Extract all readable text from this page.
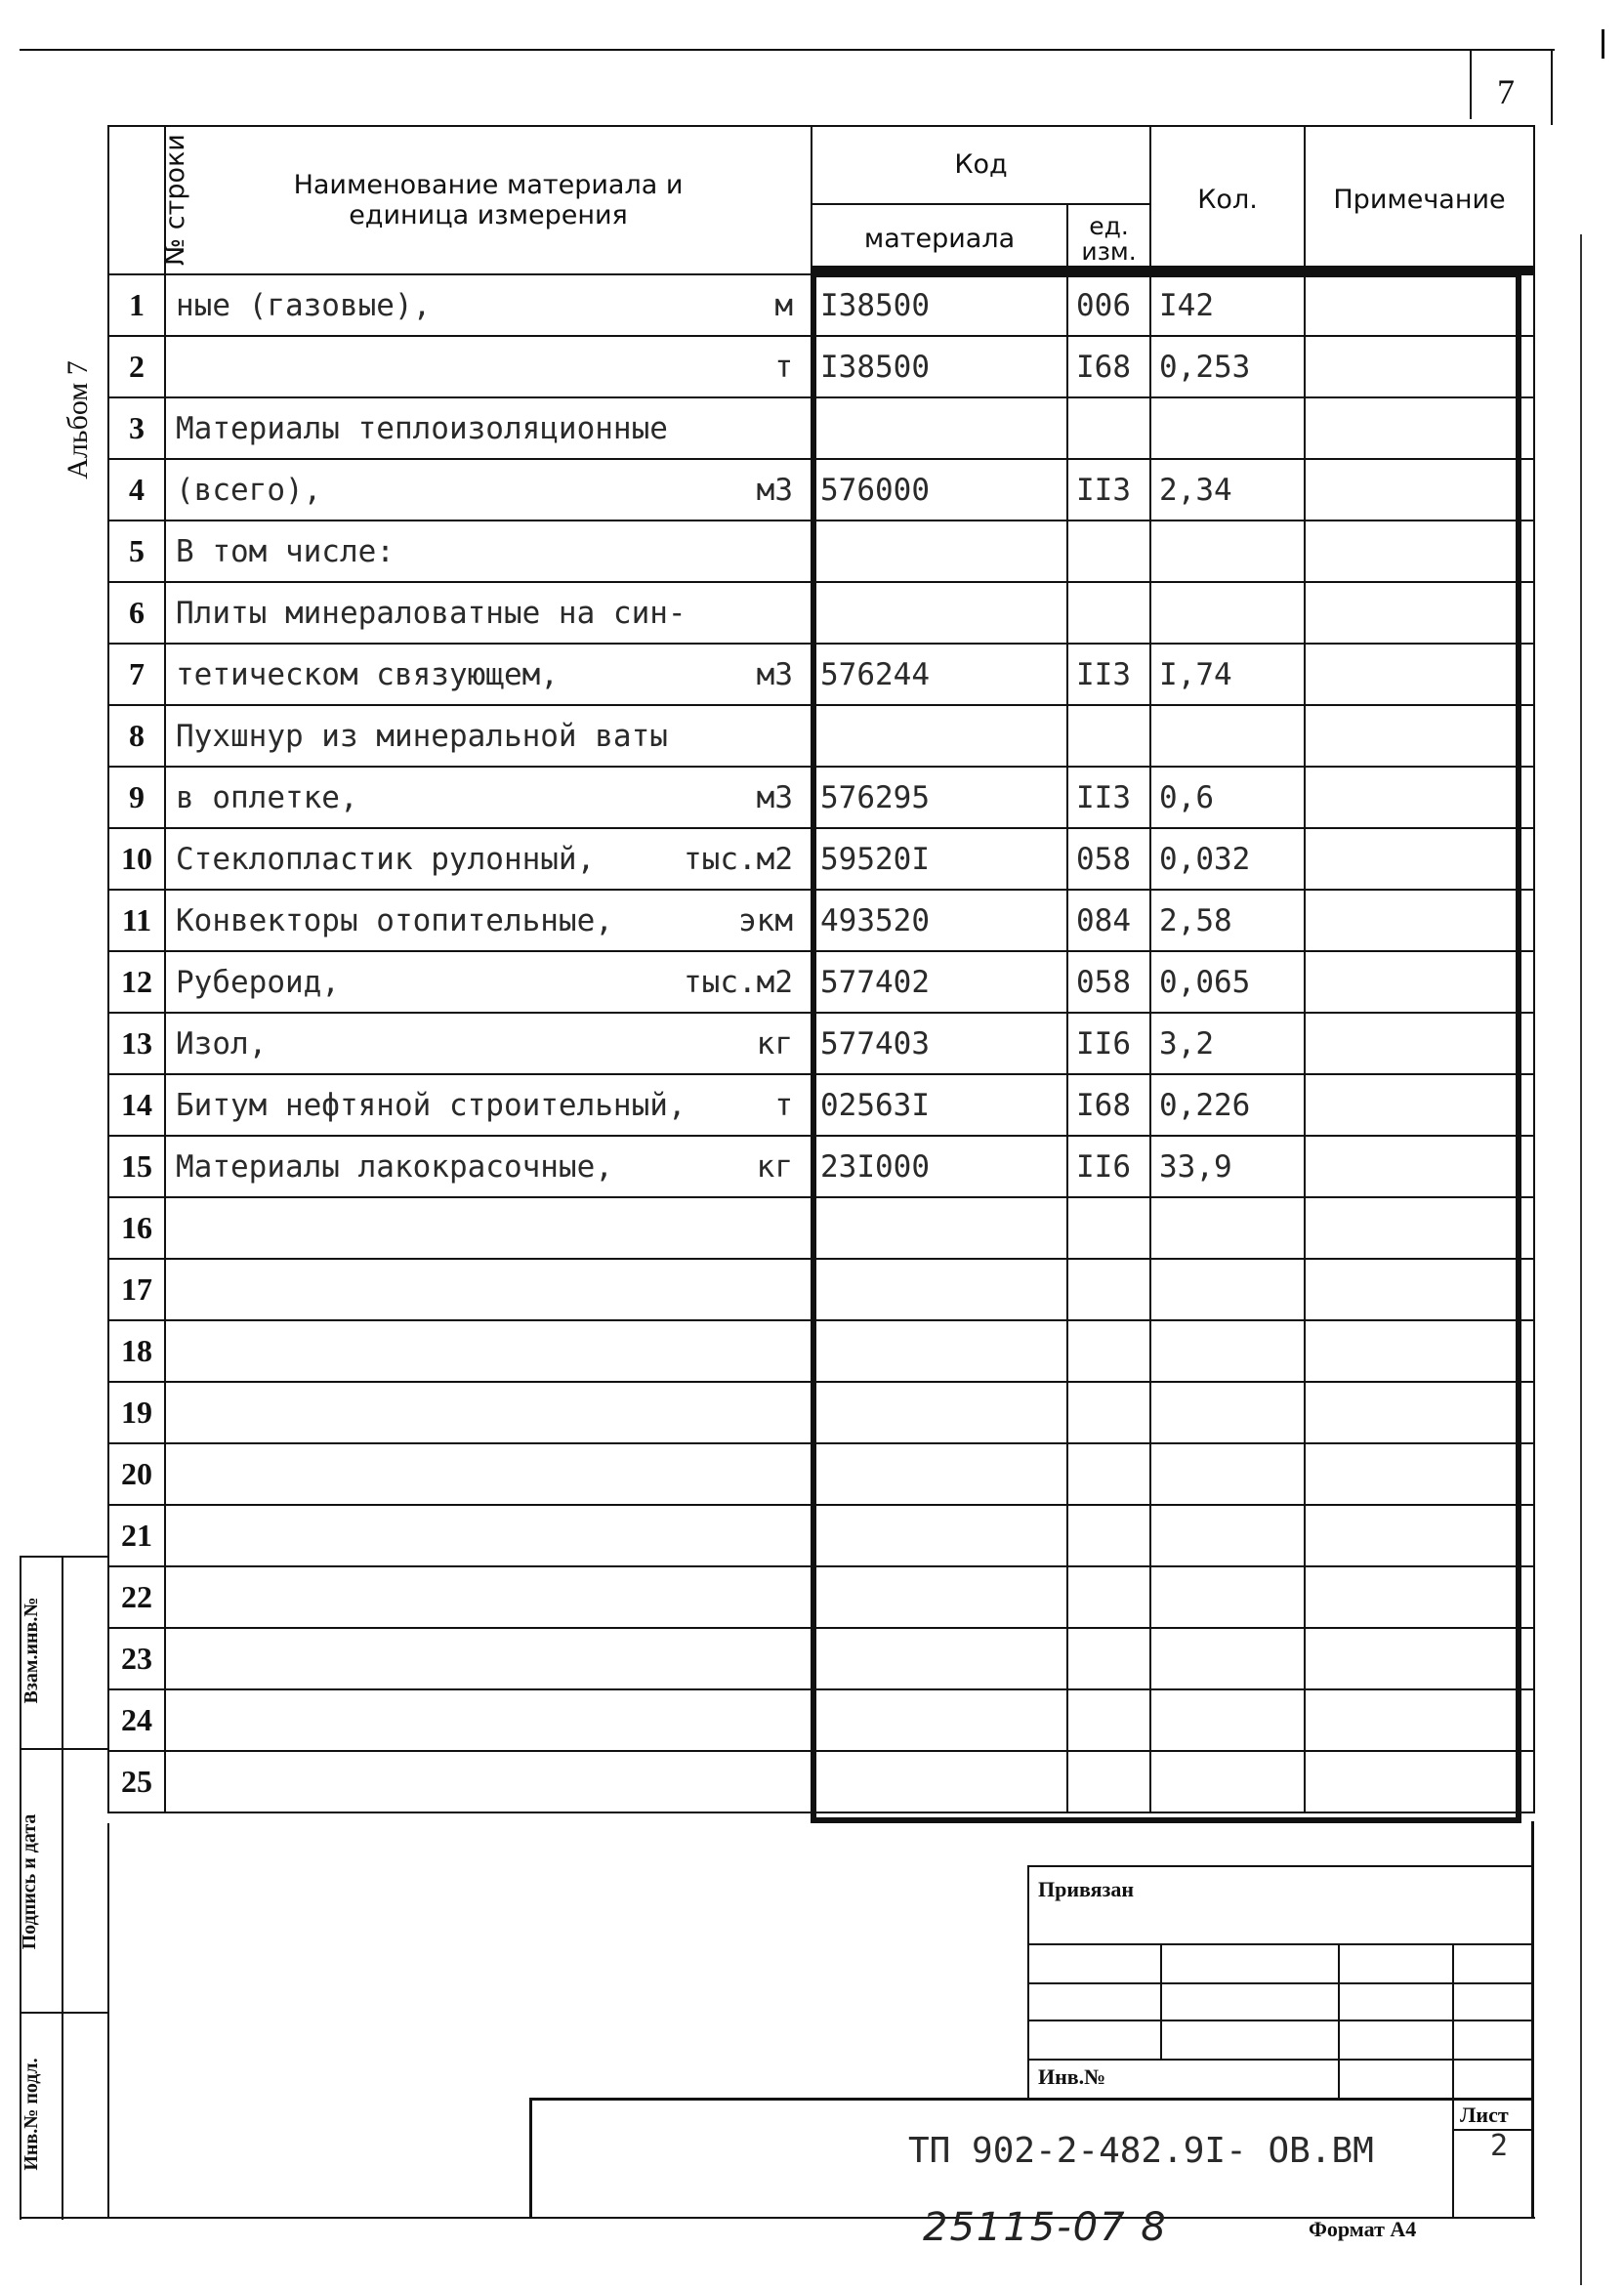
7
Альбом 7
№ строки	Наименование материала и единица измерения	Код		Кол.	Примечание
		материала	ед. изм.		
1	ные (газовые), м	I38500	006	I42	
2	т	I38500	I68	0,253	
3	Материалы теплоизоляционные				

4	(всего), м3	576000	II3	2,34	
5	В том числе:				

6	Плиты минераловатные на син-				

7	тетическом связующем, м3	576244	II3	I,74	
8	Пухшнур из минеральной ваты				

9	в оплетке, м3	576295	II3	0,6	
10	Стеклопластик рулонный, тыс.м2	59520I	058	0,032	
11	Конвекторы отопительные, экм	493520	084	2,58	
12	Рубероид, тыс.м2	577402	058	0,065	
13	Изол, кг	577403	II6	3,2	
14	Битум нефтяной строительный, т	02563I	I68	0,226	
15	Материалы лакокрасочные, кг	23I000	II6	33,9	
16	

17	

18	

19	

20	

21	

22	

23	

24	

25	

Взам.инв.№
Подпись и дата
Инв.№ подл.
Привязан
Инв.№
Лист
2
ТП 902-2-482.9I- ОВ.ВМ
25115-07 8	Формат А4
